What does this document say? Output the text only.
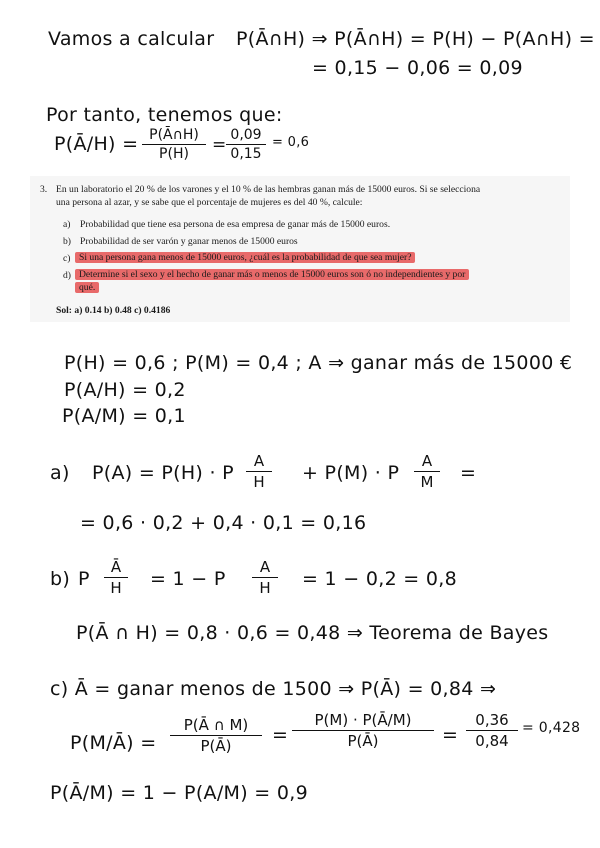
Vamos a calcular P(Ā∩H) ⇒ P(Ā∩H) = P(H) − P(A∩H) =
= 0,15 − 0,06 = 0,09
Por tanto, tenemos que:
P(Ā/H) = P(Ā∩H)
P(H)	= 0,09
0,15
= 0,6
3. En un laboratorio el 20 % de los varones y el 10 % de las hembras ganan más de 15000 euros. Si se selecciona
una persona al azar, y se sabe que el porcentaje de mujeres es del 40 %, calcule:
a) Probabilidad que tiene esa persona de esa empresa de ganar más de 15000 euros.
b) Probabilidad de ser varón y ganar menos de 15000 euros
c) Si una persona gana menos de 15000 euros, ¿cuál es la probabilidad de que sea mujer?
d) Determine si el sexo y el hecho de ganar más o menos de 15000 euros son ó no independientes y por
qué.
Sol: a) 0.14 b) 0.48 c) 0.4186
P(H) = 0,6 ; P(M) = 0,4 ; A ⇒ ganar más de 15000 €
P(A/H) = 0,2
P(A/M) = 0,1
a) P(A) = P(H) · P
A
H	+ P(M) · P
A
M	=
= 0,6 · 0,2 + 0,4 · 0,1 = 0,16
b) P
Ā
H	= 1 − P
A
H	= 1 − 0,2 = 0,8
P(Ā ∩ H) = 0,8 · 0,6 = 0,48 ⇒ Teorema de Bayes
c) Ā = ganar menos de 1500 ⇒ P(Ā) = 0,84 ⇒
P(M/Ā) =
P(Ā ∩ M)
P(Ā)	=
P(M) · P(Ā/M)
P(Ā)	=
0,36
0,84
= 0,428
P(Ā/M) = 1 − P(A/M) = 0,9
